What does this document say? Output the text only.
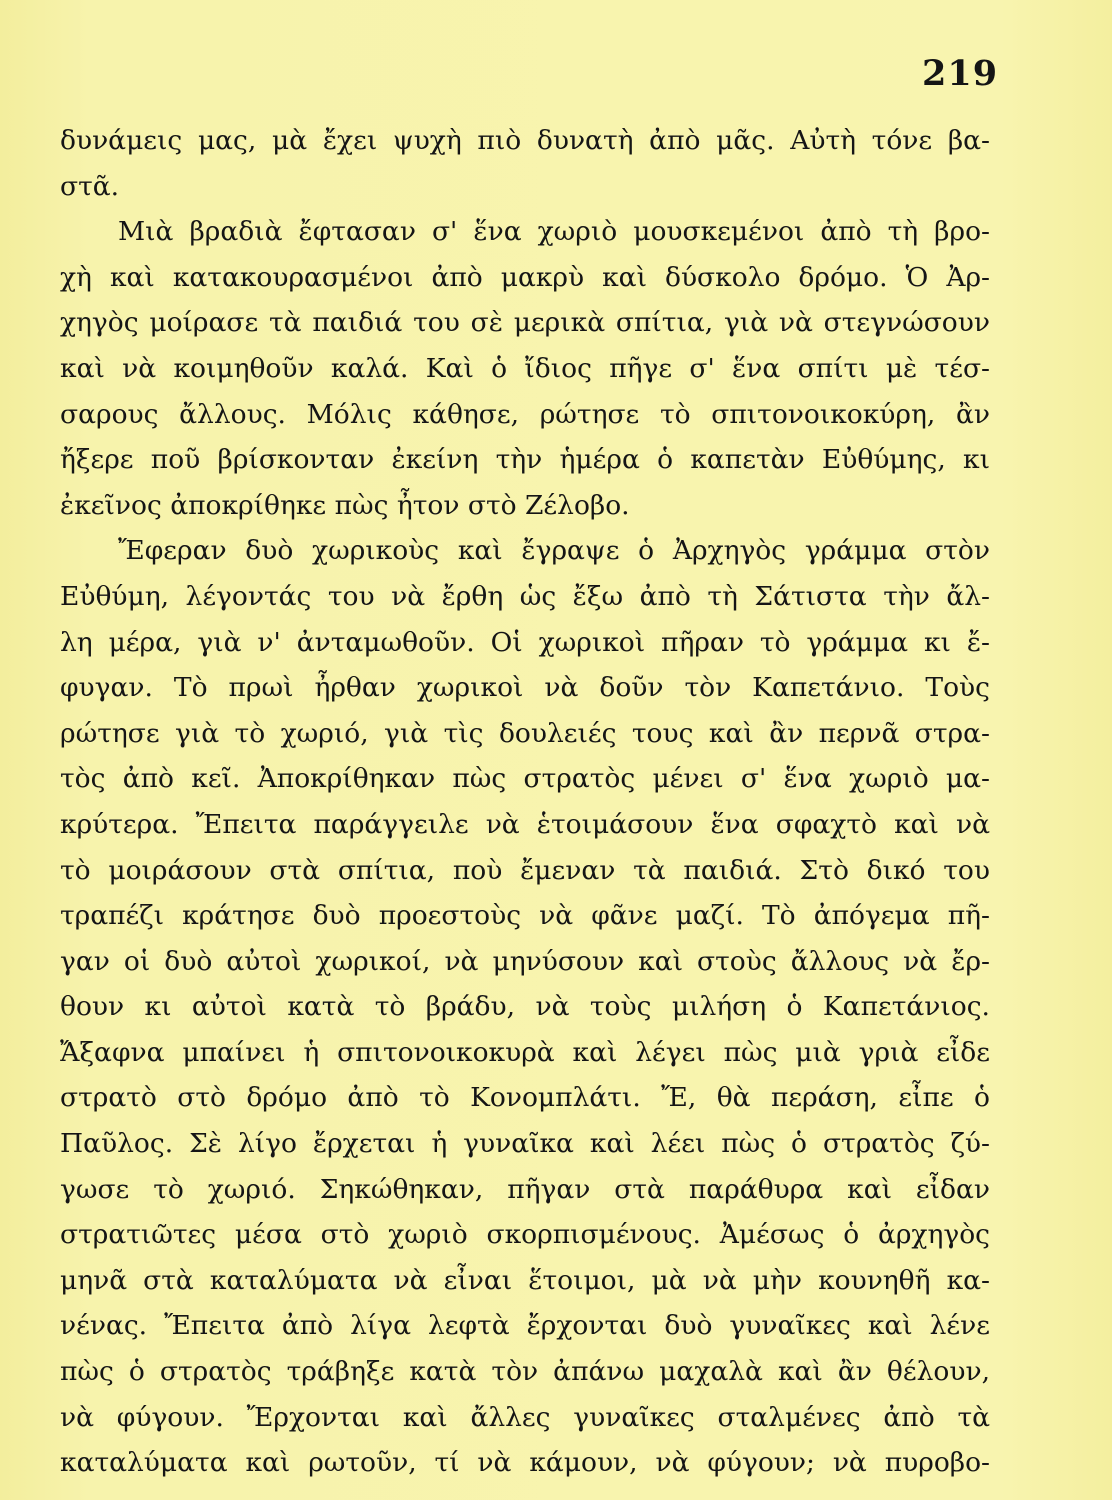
219
δυνάμεις μας, μὰ ἔχει ψυχὴ πιὸ δυνατὴ ἀπὸ μᾶς. Αὐτὴ τόνε βα-
στᾶ.
Μιὰ βραδιὰ ἔφτασαν σ' ἕνα χωριὸ μουσκεμένοι ἀπὸ τὴ βρο-
χὴ καὶ κατακουρασμένοι ἀπὸ μακρὺ καὶ δύσκολο δρόμο. Ὁ Ἀρ-
χηγὸς μοίρασε τὰ παιδιά του σὲ μερικὰ σπίτια, γιὰ νὰ στεγνώσουν
καὶ νὰ κοιμηθοῦν καλά. Καὶ ὁ ἴδιος πῆγε σ' ἕνα σπίτι μὲ τέσ-
σαρους ἄλλους. Μόλις κάθησε, ρώτησε τὸ σπιτονοικοκύρη, ἂν
ἤξερε ποῦ βρίσκονταν ἐκείνη τὴν ἡμέρα ὁ καπετὰν Εὐθύμης, κι
ἐκεῖνος ἀποκρίθηκε πὼς ἦτον στὸ Ζέλοβο.
Ἔφεραν δυὸ χωρικοὺς καὶ ἔγραψε ὁ Ἀρχηγὸς γράμμα στὸν
Εὐθύμη, λέγοντάς του νὰ ἔρθη ὡς ἔξω ἀπὸ τὴ Σάτιστα τὴν ἄλ-
λη μέρα, γιὰ ν' ἀνταμωθοῦν. Οἱ χωρικοὶ πῆραν τὸ γράμμα κι ἔ-
φυγαν. Τὸ πρωὶ ἦρθαν χωρικοὶ νὰ δοῦν τὸν Καπετάνιο. Τοὺς
ρώτησε γιὰ τὸ χωριό, γιὰ τὶς δουλειές τους καὶ ἂν περνᾶ στρα-
τὸς ἀπὸ κεῖ. Ἀποκρίθηκαν πὼς στρατὸς μένει σ' ἕνα χωριὸ μα-
κρύτερα. Ἔπειτα παράγγειλε νὰ ἑτοιμάσουν ἕνα σφαχτὸ καὶ νὰ
τὸ μοιράσουν στὰ σπίτια, ποὺ ἔμεναν τὰ παιδιά. Στὸ δικό του
τραπέζι κράτησε δυὸ προεστοὺς νὰ φᾶνε μαζί. Τὸ ἀπόγεμα πῆ-
γαν οἱ δυὸ αὐτοὶ χωρικοί, νὰ μηνύσουν καὶ στοὺς ἄλλους νὰ ἔρ-
θουν κι αὐτοὶ κατὰ τὸ βράδυ, νὰ τοὺς μιλήση ὁ Καπετάνιος.
Ἄξαφνα μπαίνει ἡ σπιτονοικοκυρὰ καὶ λέγει πὼς μιὰ γριὰ εἶδε
στρατὸ στὸ δρόμο ἀπὸ τὸ Κονομπλάτι. Ἔ, θὰ περάση, εἶπε ὁ
Παῦλος. Σὲ λίγο ἔρχεται ἡ γυναῖκα καὶ λέει πὼς ὁ στρατὸς ζύ-
γωσε τὸ χωριό. Σηκώθηκαν, πῆγαν στὰ παράθυρα καὶ εἶδαν
στρατιῶτες μέσα στὸ χωριὸ σκορπισμένους. Ἀμέσως ὁ ἀρχηγὸς
μηνᾶ στὰ καταλύματα νὰ εἶναι ἕτοιμοι, μὰ νὰ μὴν κουνηθῆ κα-
νένας. Ἔπειτα ἀπὸ λίγα λεφτὰ ἔρχονται δυὸ γυναῖκες καὶ λένε
πὼς ὁ στρατὸς τράβηξε κατὰ τὸν ἀπάνω μαχαλὰ καὶ ἂν θέλουν,
νὰ φύγουν. Ἔρχονται καὶ ἄλλες γυναῖκες σταλμένες ἀπὸ τὰ
καταλύματα καὶ ρωτοῦν, τί νὰ κάμουν, νὰ φύγουν; νὰ πυροβο-
